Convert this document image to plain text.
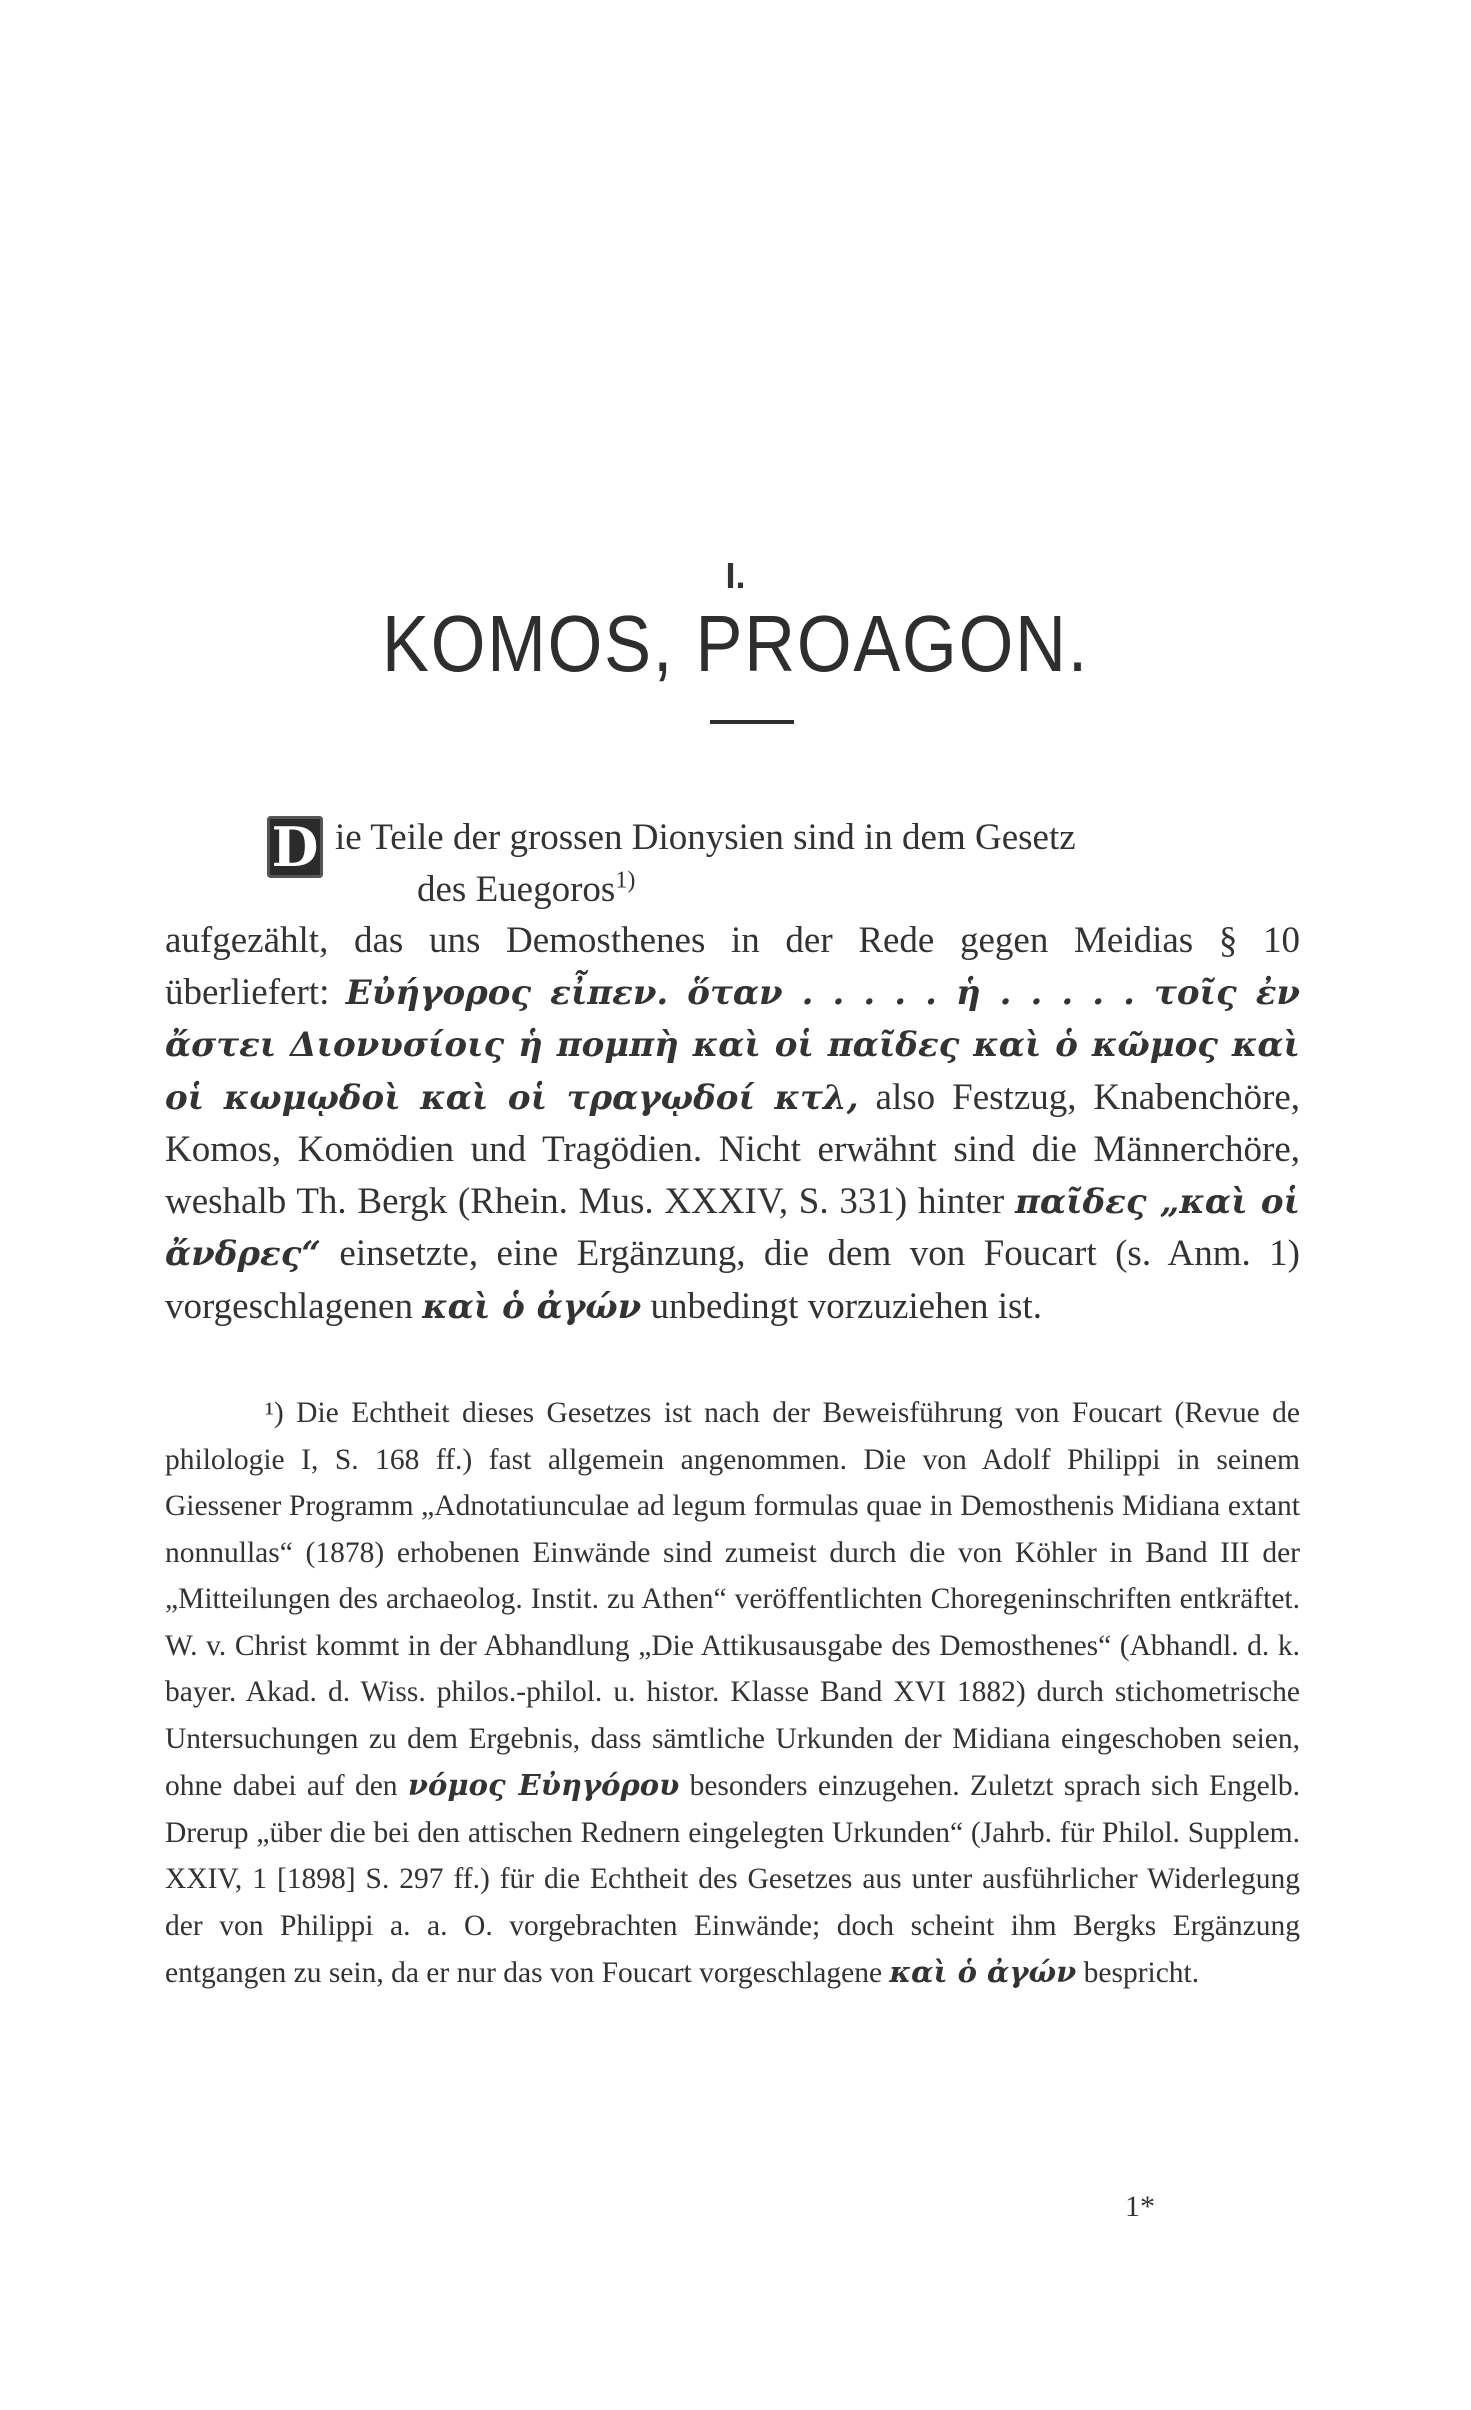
I.
KOMOS, PROAGON.
D ie Teile der grossen Dionysien sind in dem Gesetz
des Euegoros$^{1)}$
aufgezählt, das uns Demosthenes in der Rede gegen Meidias § 10 überliefert: Εὐήγορος εἶπεν. ὅταν . . . . . ἡ . . . . . τοῖς ἐν ἄστει Διονυσίοις ἡ πομπὴ καὶ οἱ παῖδες καὶ ὁ κῶμος καὶ οἱ κωμῳδοὶ καὶ οἱ τραγῳδοί κτλ, also Festzug, Knabenchöre, Komos, Komödien und Tragödien. Nicht erwähnt sind die Männerchöre, weshalb Th. Bergk (Rhein. Mus. XXXIV, S. 331) hinter παῖδες „καὶ οἱ ἄνδρες“ einsetzte, eine Ergänzung, die dem von Foucart (s. Anm. 1) vorgeschlagenen καὶ ὁ ἀγών unbedingt vorzuziehen ist.
¹) Die Echtheit dieses Gesetzes ist nach der Beweisführung von Foucart (Revue de philologie I, S. 168 ff.) fast allgemein angenommen. Die von Adolf Philippi in seinem Giessener Programm „Adnotatiunculae ad legum formulas quae in Demosthenis Midiana extant nonnullas“ (1878) erhobenen Einwände sind zumeist durch die von Köhler in Band III der „Mitteilungen des archaeolog. Instit. zu Athen“ veröffentlichten Choregeninschriften entkräftet. W. v. Christ kommt in der Abhandlung „Die Attikusausgabe des Demosthenes“ (Abhandl. d. k. bayer. Akad. d. Wiss. philos.-philol. u. histor. Klasse Band XVI 1882) durch stichometrische Untersuchungen zu dem Ergebnis, dass sämtliche Urkunden der Midiana eingeschoben seien, ohne dabei auf den νόμος Εὐηγόρου besonders einzugehen. Zuletzt sprach sich Engelb. Drerup „über die bei den attischen Rednern eingelegten Urkunden“ (Jahrb. für Philol. Supplem. XXIV, 1 [1898] S. 297 ff.) für die Echtheit des Gesetzes aus unter ausführlicher Widerlegung der von Philippi a. a. O. vorgebrachten Einwände; doch scheint ihm Bergks Ergänzung entgangen zu sein, da er nur das von Foucart vorgeschlagene καὶ ὁ ἀγών bespricht.
1*
